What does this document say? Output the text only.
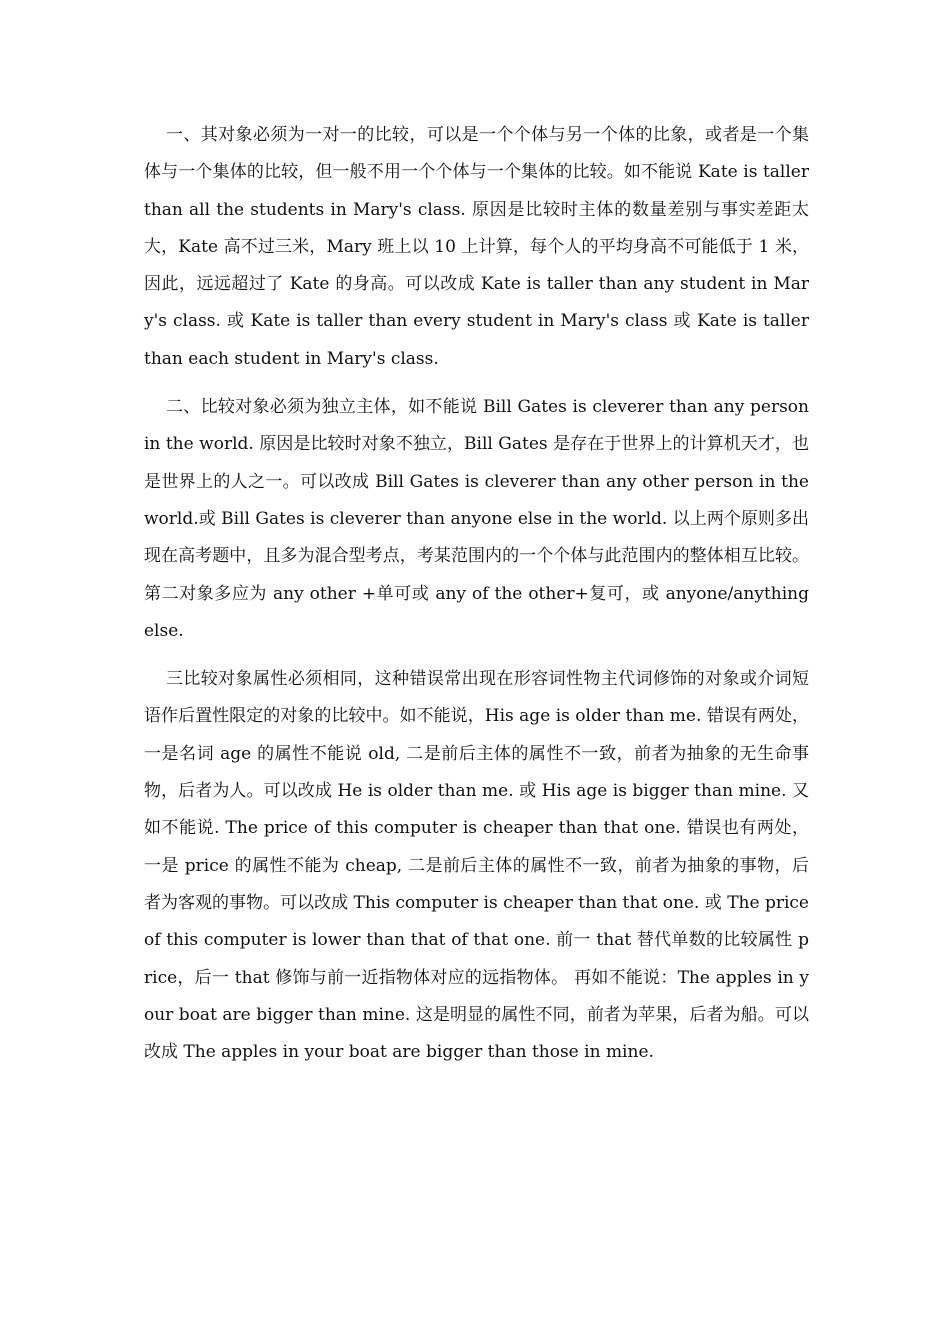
一、其对象必须为一对一的比较，可以是一个个体与另一个体的比象，或者是一个集体与一个集体的比较，但一般不用一个个体与一个集体的比较。如不能说 Kate is taller than all the students in Mary's class. 原因是比较时主体的数量差别与事实差距太大，Kate 高不过三米，Mary 班上以 10 上计算，每个人的平均身高不可能低于 1 米，因此，远远超过了 Kate 的身高。可以改成 Kate is taller than any student in Mary's class. 或 Kate is taller than every student in Mary's class 或 Kate is taller than each student in Mary's class.

二、比较对象必须为独立主体，如不能说 Bill Gates is cleverer than any person in the world. 原因是比较时对象不独立，Bill Gates 是存在于世界上的计算机天才，也是世界上的人之一。可以改成 Bill Gates is cleverer than any other person in the world.或 Bill Gates is cleverer than anyone else in the world. 以上两个原则多出现在高考题中，且多为混合型考点，考某范围内的一个个体与此范围内的整体相互比较。第二对象多应为 any other +单可或 any of the other+复可，或 anyone/anything else.

三比较对象属性必须相同，这种错误常出现在形容词性物主代词修饰的对象或介词短语作后置性限定的对象的比较中。如不能说，His age is older than me. 错误有两处，一是名词 age 的属性不能说 old, 二是前后主体的属性不一致，前者为抽象的无生命事物，后者为人。可以改成 He is older than me. 或 His age is bigger than mine. 又如不能说. The price of this computer is cheaper than that one. 错误也有两处，一是 price 的属性不能为 cheap, 二是前后主体的属性不一致，前者为抽象的事物，后者为客观的事物。可以改成 This computer is cheaper than that one. 或 The price of this computer is lower than that of that one. 前一 that 替代单数的比较属性 price，后一 that 修饰与前一近指物体对应的远指物体。 再如不能说：The apples in your boat are bigger than mine. 这是明显的属性不同，前者为苹果，后者为船。可以改成 The apples in your boat are bigger than those in mine.
